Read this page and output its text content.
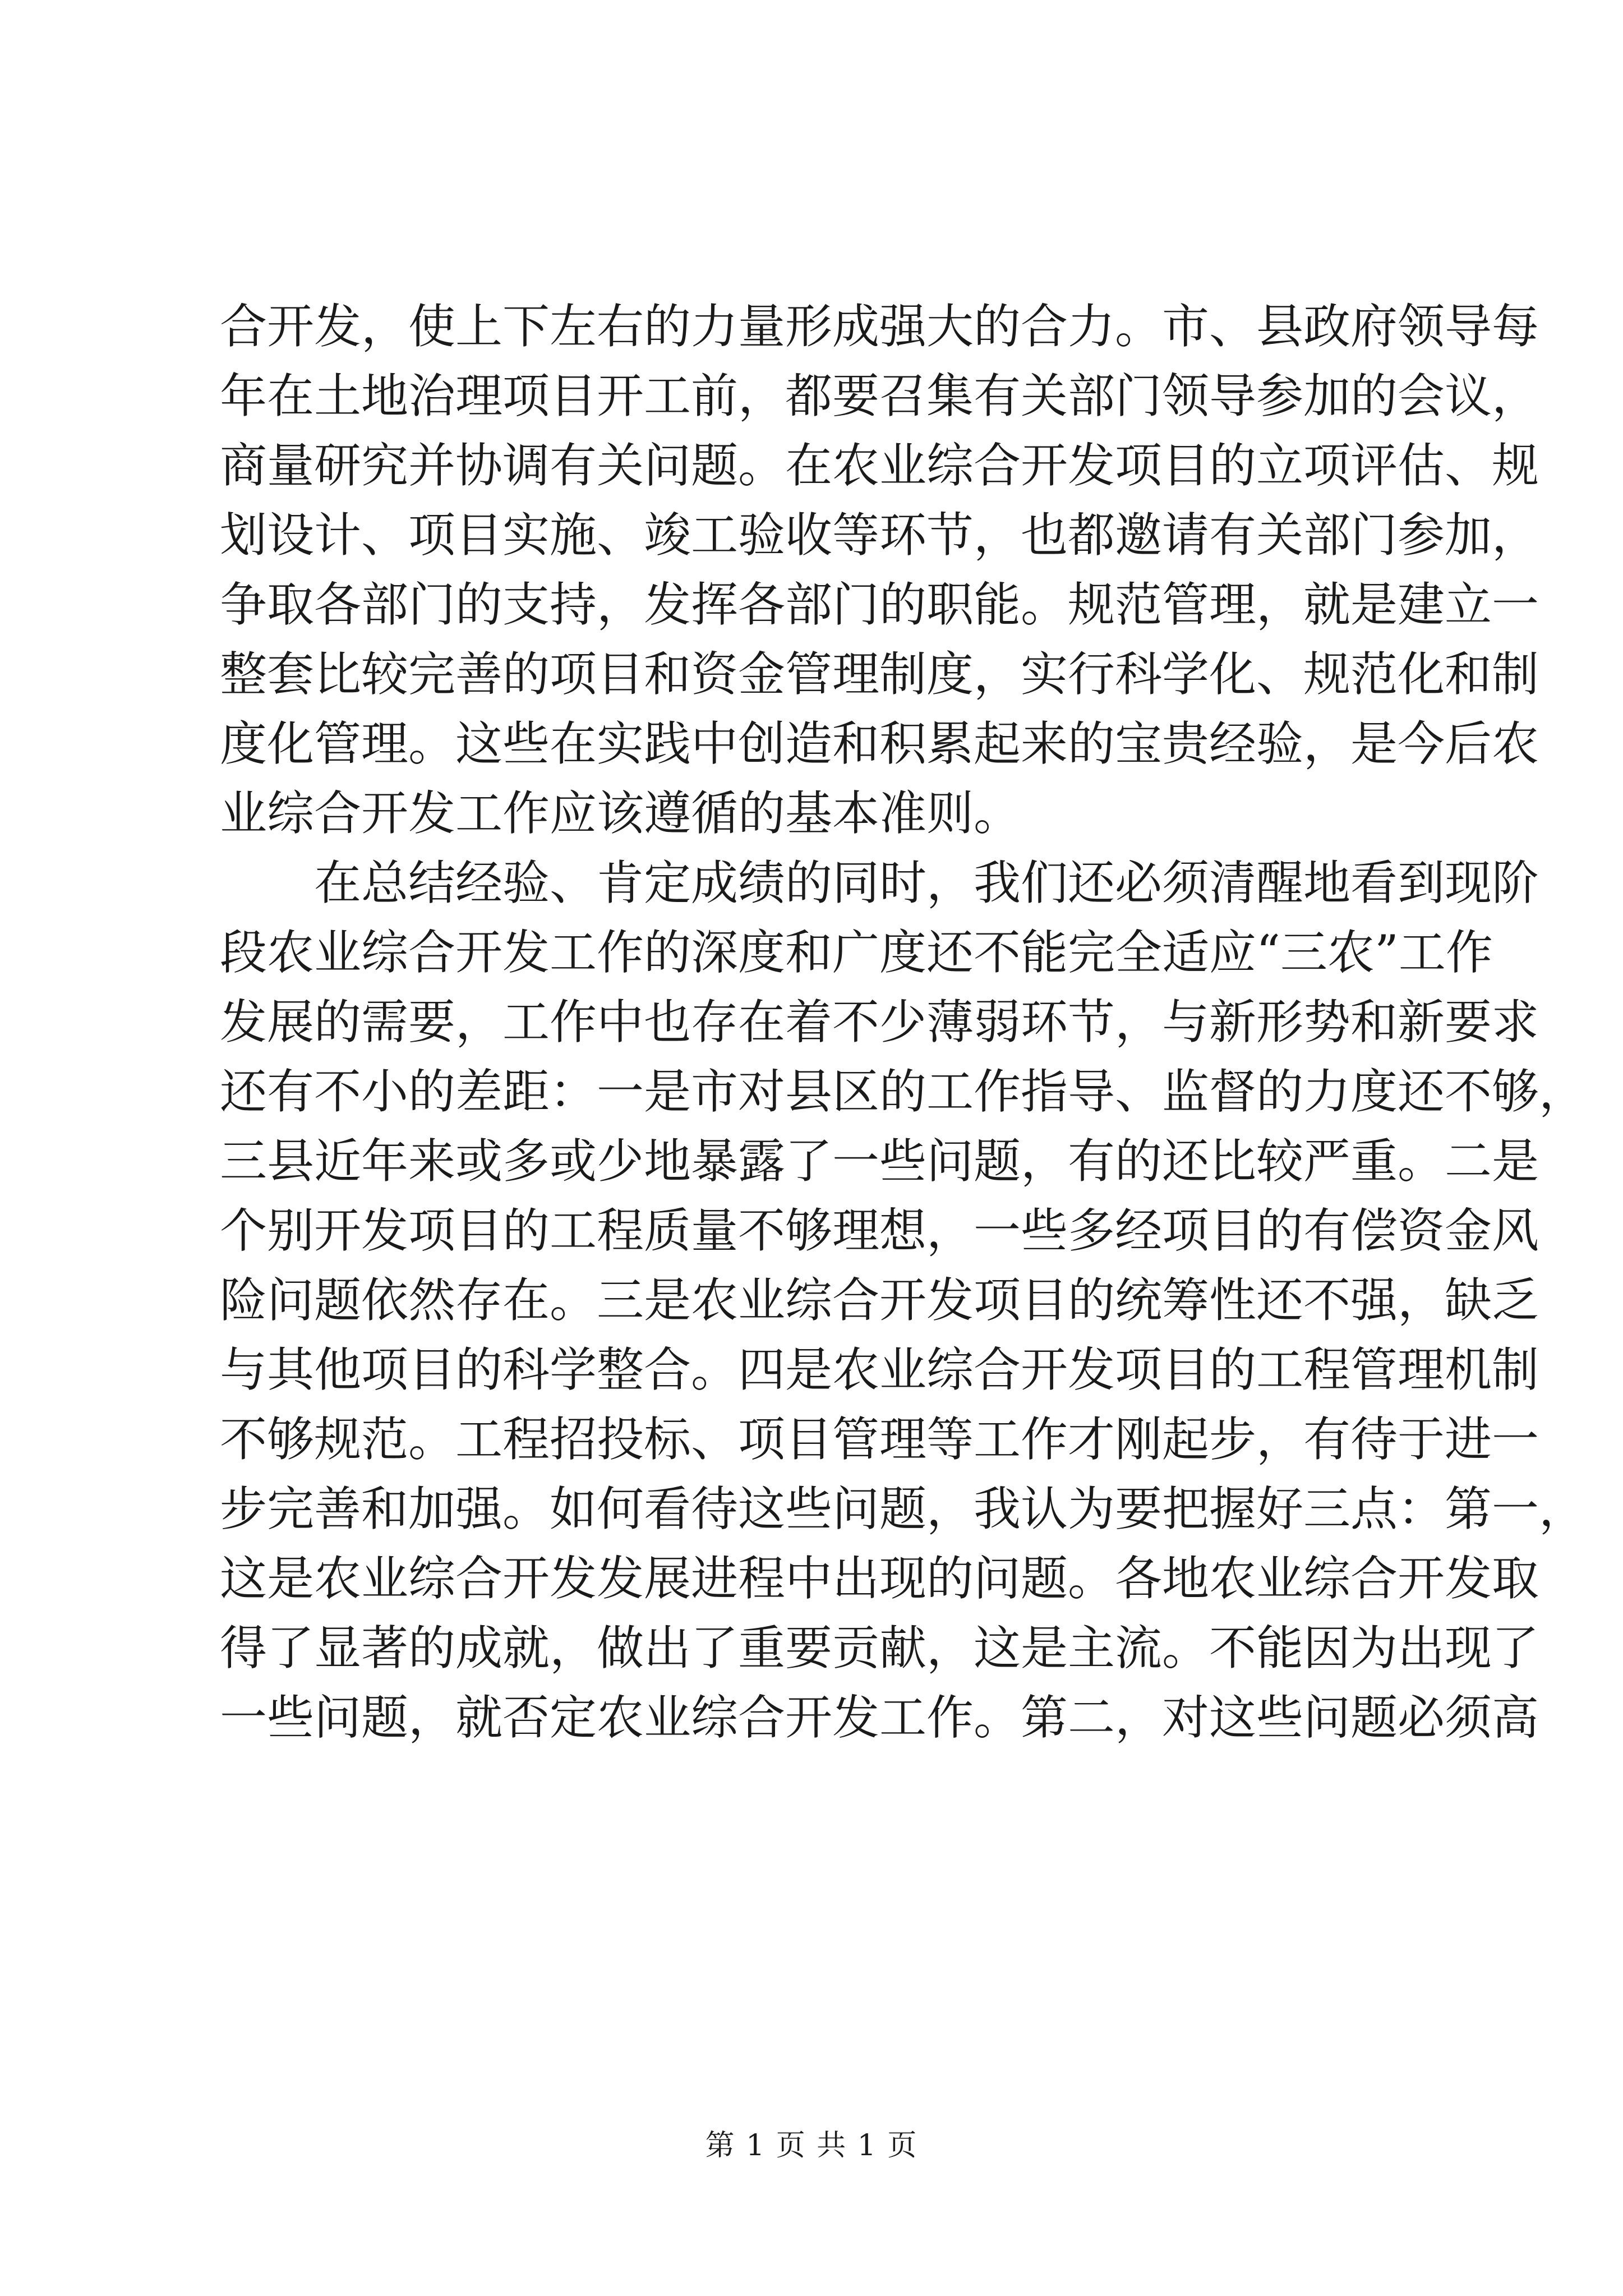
合开发，使上下左右的力量形成强大的合力。市、县政府领导每
年在土地治理项目开工前，都要召集有关部门领导参加的会议，
商量研究并协调有关问题。在农业综合开发项目的立项评估、规
划设计、项目实施、竣工验收等环节，也都邀请有关部门参加，
争取各部门的支持，发挥各部门的职能。规范管理，就是建立一
整套比较完善的项目和资金管理制度，实行科学化、规范化和制
度化管理。这些在实践中创造和积累起来的宝贵经验，是今后农
业综合开发工作应该遵循的基本准则。
在总结经验、肯定成绩的同时，我们还必须清醒地看到现阶
段农业综合开发工作的深度和广度还不能完全适应“三农”工作
发展的需要，工作中也存在着不少薄弱环节，与新形势和新要求
还有不小的差距：一是市对县区的工作指导、监督的力度还不够，
三县近年来或多或少地暴露了一些问题，有的还比较严重。二是
个别开发项目的工程质量不够理想，一些多经项目的有偿资金风
险问题依然存在。三是农业综合开发项目的统筹性还不强，缺乏
与其他项目的科学整合。四是农业综合开发项目的工程管理机制
不够规范。工程招投标、项目管理等工作才刚起步，有待于进一
步完善和加强。如何看待这些问题，我认为要把握好三点：第一，
这是农业综合开发发展进程中出现的问题。各地农业综合开发取
得了显著的成就，做出了重要贡献，这是主流。不能因为出现了
一些问题，就否定农业综合开发工作。第二，对这些问题必须高
第 1 页 共 1 页
